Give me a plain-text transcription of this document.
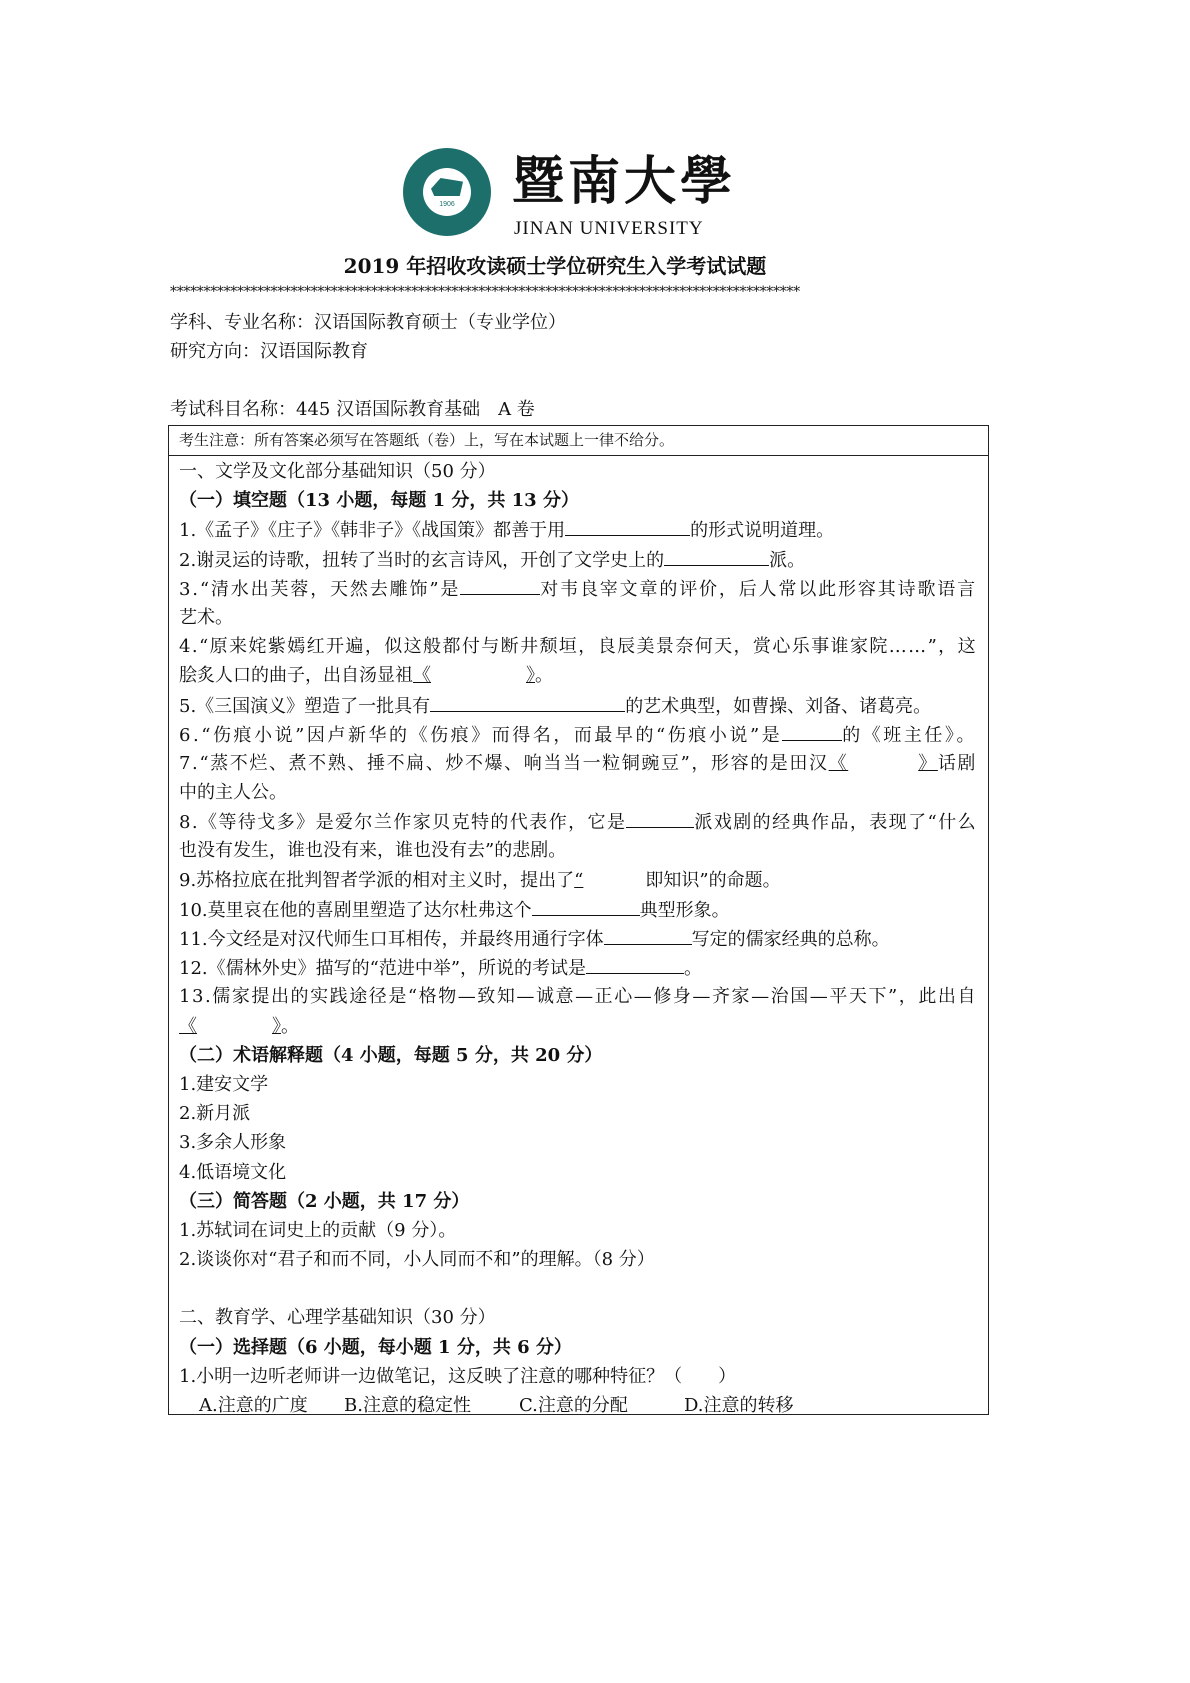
1906	暨南大學
JINAN UNIVERSITY
2019 年招收攻读硕士学位研究生入学考试试题
**********************************************************************************************
学科、专业名称：汉语国际教育硕士（专业学位）
研究方向：汉语国际教育
考试科目名称：445 汉语国际教育基础　A 卷
考生注意：所有答案必须写在答题纸（卷）上，写在本试题上一律不给分。
一、文学及文化部分基础知识（50 分）
（一）填空题（13 小题，每题 1 分，共 13 分）
1.《孟子》《庄子》《韩非子》《战国策》都善于用	的形式说明道理。
2.谢灵运的诗歌，扭转了当时的玄言诗风，开创了文学史上的	派。
3.“清水出芙蓉，天然去雕饰”是	对韦良宰文章的评价，后人常以此形容其诗歌语言
艺术。
4.“原来姹紫嫣红开遍，似这般都付与断井颓垣，良辰美景奈何天，赏心乐事谁家院……”，这
脍炙人口的曲子，出自汤显祖《	》。
5.《三国演义》塑造了一批具有	的艺术典型，如曹操、刘备、诸葛亮。
6.“伤痕小说”因卢新华的《伤痕》而得名，而最早的“伤痕小说”是	的《班主任》。
7.“蒸不烂、煮不熟、捶不扁、炒不爆、响当当一粒铜豌豆”，形容的是田汉《	》话剧
中的主人公。
8.《等待戈多》是爱尔兰作家贝克特的代表作，它是	派戏剧的经典作品，表现了“什么
也没有发生，谁也没有来，谁也没有去”的悲剧。
9.苏格拉底在批判智者学派的相对主义时，提出了“	即知识”的命题。
10.莫里哀在他的喜剧里塑造了达尔杜弗这个	典型形象。
11.今文经是对汉代师生口耳相传，并最终用通行字体	写定的儒家经典的总称。
12.《儒林外史》描写的“范进中举”，所说的考试是	。
13.儒家提出的实践途径是“格物—致知—诚意—正心—修身—齐家—治国—平天下”，此出自
《	》。
（二）术语解释题（4 小题，每题 5 分，共 20 分）
1.建安文学
2.新月派
3.多余人形象
4.低语境文化
（三）简答题（2 小题，共 17 分）
1.苏轼词在词史上的贡献（9 分）。
2.谈谈你对“君子和而不同，小人同而不和”的理解。（8 分）
二、教育学、心理学基础知识（30 分）
（一）选择题（6 小题，每小题 1 分，共 6 分）
1.小明一边听老师讲一边做笔记，这反映了注意的哪种特征？（　　）
A.注意的广度 B.注意的稳定性	C.注意的分配	D.注意的转移
